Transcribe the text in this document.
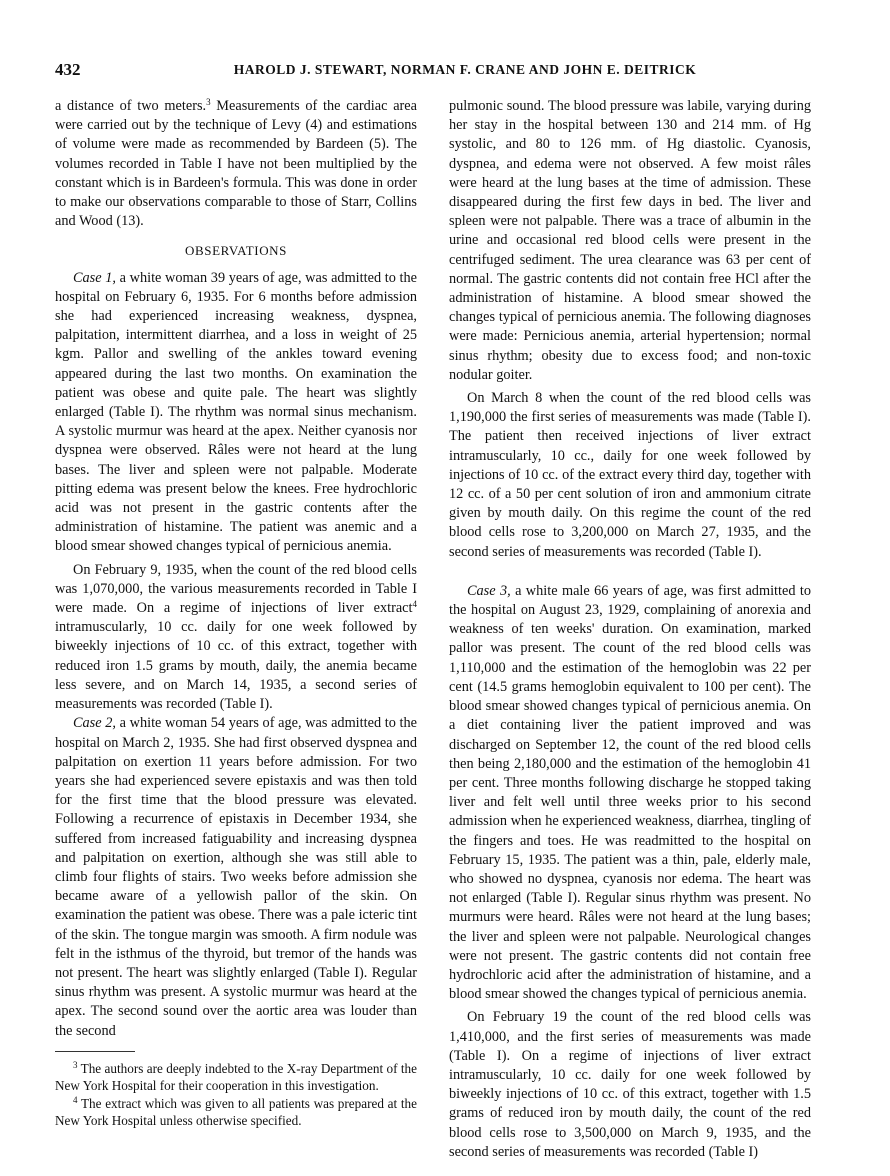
432	HAROLD J. STEWART, NORMAN F. CRANE AND JOHN E. DEITRICK

a distance of two meters.$^3$ Measurements of the cardiac area were carried out by the technique of Levy (4) and estimations of volume were made as recommended by Bardeen (5). The volumes recorded in Table I have not been multiplied by the constant which is in Bardeen's formula. This was done in order to make our observations comparable to those of Starr, Collins and Wood (13).

OBSERVATIONS

Case 1, a white woman 39 years of age, was admitted to the hospital on February 6, 1935. For 6 months before admission she had experienced increasing weakness, dyspnea, palpitation, intermittent diarrhea, and a loss in weight of 25 kgm. Pallor and swelling of the ankles toward evening appeared during the last two months. On examination the patient was obese and quite pale. The heart was slightly enlarged (Table I). The rhythm was normal sinus mechanism. A systolic murmur was heard at the apex. Neither cyanosis nor dyspnea were observed. Râles were not heard at the lung bases. The liver and spleen were not palpable. Moderate pitting edema was present below the knees. Free hydrochloric acid was not present in the gastric contents after the administration of histamine. The patient was anemic and a blood smear showed changes typical of pernicious anemia.

On February 9, 1935, when the count of the red blood cells was 1,070,000, the various measurements recorded in Table I were made. On a regime of injections of liver extract$^4$ intramuscularly, 10 cc. daily for one week followed by biweekly injections of 10 cc. of this extract, together with reduced iron 1.5 grams by mouth, daily, the anemia became less severe, and on March 14, 1935, a second series of measurements was recorded (Table I).

Case 2, a white woman 54 years of age, was admitted to the hospital on March 2, 1935. She had first observed dyspnea and palpitation on exertion 11 years before admission. For two years she had experienced severe epistaxis and was then told for the first time that the blood pressure was elevated. Following a recurrence of epistaxis in December 1934, she suffered from increased fatiguability and increasing dyspnea and palpitation on exertion, although she was still able to climb four flights of stairs. Two weeks before admission she became aware of a yellowish pallor of the skin. On examination the patient was obese. There was a pale icteric tint of the skin. The tongue margin was smooth. A firm nodule was felt in the isthmus of the thyroid, but tremor of the hands was not present. The heart was slightly enlarged (Table I). Regular sinus rhythm was present. A systolic murmur was heard at the apex. The second sound over the aortic area was louder than the second

$^3$ The authors are deeply indebted to the X-ray Department of the New York Hospital for their cooperation in this investigation.

$^4$ The extract which was given to all patients was prepared at the New York Hospital unless otherwise specified.

pulmonic sound. The blood pressure was labile, varying during her stay in the hospital between 130 and 214 mm. of Hg systolic, and 80 to 126 mm. of Hg diastolic. Cyanosis, dyspnea, and edema were not observed. A few moist râles were heard at the lung bases at the time of admission. These disappeared during the first few days in bed. The liver and spleen were not palpable. There was a trace of albumin in the urine and occasional red blood cells were present in the centrifuged sediment. The urea clearance was 63 per cent of normal. The gastric contents did not contain free HCl after the administration of histamine. A blood smear showed the changes typical of pernicious anemia. The following diagnoses were made: Pernicious anemia, arterial hypertension; normal sinus rhythm; obesity due to excess food; and non-toxic nodular goiter.

On March 8 when the count of the red blood cells was 1,190,000 the first series of measurements was made (Table I). The patient then received injections of liver extract intramuscularly, 10 cc., daily for one week followed by injections of 10 cc. of the extract every third day, together with 12 cc. of a 50 per cent solution of iron and ammonium citrate given by mouth daily. On this regime the count of the red blood cells rose to 3,200,000 on March 27, 1935, and the second series of measurements was recorded (Table I).

Case 3, a white male 66 years of age, was first admitted to the hospital on August 23, 1929, complaining of anorexia and weakness of ten weeks' duration. On examination, marked pallor was present. The count of the red blood cells was 1,110,000 and the estimation of the hemoglobin was 22 per cent (14.5 grams hemoglobin equivalent to 100 per cent). The blood smear showed changes typical of pernicious anemia. On a diet containing liver the patient improved and was discharged on September 12, the count of the red blood cells then being 2,180,000 and the estimation of the hemoglobin 41 per cent. Three months following discharge he stopped taking liver and felt well until three weeks prior to his second admission when he experienced weakness, diarrhea, tingling of the fingers and toes. He was readmitted to the hospital on February 15, 1935. The patient was a thin, pale, elderly male, who showed no dyspnea, cyanosis nor edema. The heart was not enlarged (Table I). Regular sinus rhythm was present. No murmurs were heard. Râles were not heard at the lung bases; the liver and spleen were not palpable. Neurological changes were not present. The gastric contents did not contain free hydrochloric acid after the administration of histamine, and a blood smear showed the changes typical of pernicious anemia.

On February 19 the count of the red blood cells was 1,410,000, and the first series of measurements was made (Table I). On a regime of injections of liver extract intramuscularly, 10 cc. daily for one week followed by biweekly injections of 10 cc. of this extract, together with 1.5 grams of reduced iron by mouth daily, the count of the red blood cells rose to 3,500,000 on March 9, 1935, and the second series of measurements was recorded (Table I)
